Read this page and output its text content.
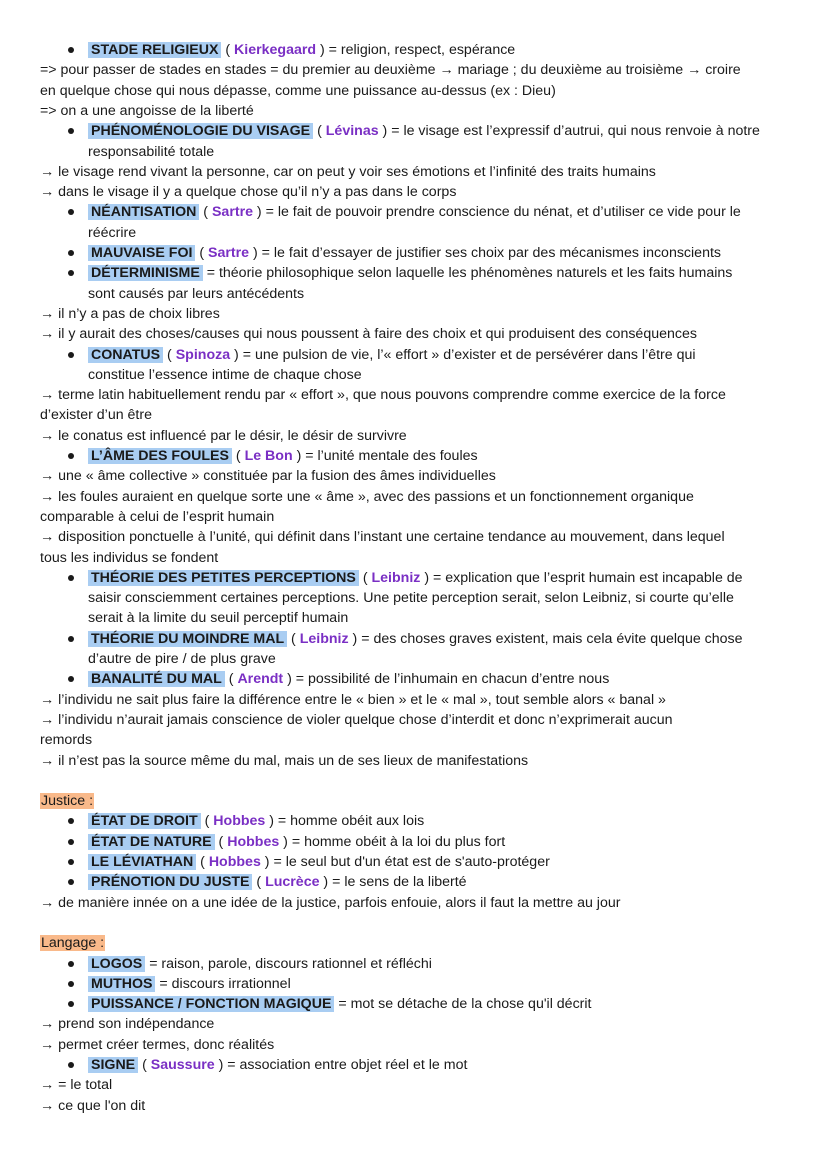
STADE RELIGIEUX ( Kierkegaard ) = religion, respect, espérance
=> pour passer de stades en stades = du premier au deuxième → mariage ; du deuxième au troisième → croire
en quelque chose qui nous dépasse, comme une puissance au-dessus (ex : Dieu)
=> on a une angoisse de la liberté
PHÉNOMÉNOLOGIE DU VISAGE ( Lévinas ) = le visage est l’expressif d’autrui, qui nous renvoie à notre
responsabilité totale
→ le visage rend vivant la personne, car on peut y voir ses émotions et l’infinité des traits humains
→ dans le visage il y a quelque chose qu’il n’y a pas dans le corps
NÉANTISATION ( Sartre ) = le fait de pouvoir prendre conscience du nénat, et d’utiliser ce vide pour le
réécrire
MAUVAISE FOI ( Sartre ) = le fait d’essayer de justifier ses choix par des mécanismes inconscients
DÉTERMINISME = théorie philosophique selon laquelle les phénomènes naturels et les faits humains
sont causés par leurs antécédents
→ il n’y a pas de choix libres
→ il y aurait des choses/causes qui nous poussent à faire des choix et qui produisent des conséquences
CONATUS ( Spinoza ) = une pulsion de vie, l’« effort » d’exister et de persévérer dans l’être qui
constitue l’essence intime de chaque chose
→ terme latin habituellement rendu par « effort », que nous pouvons comprendre comme exercice de la force
d’exister d’un être
→ le conatus est influencé par le désir, le désir de survivre
L’ÂME DES FOULES ( Le Bon ) = l’unité mentale des foules
→ une « âme collective » constituée par la fusion des âmes individuelles
→ les foules auraient en quelque sorte une « âme », avec des passions et un fonctionnement organique
comparable à celui de l’esprit humain
→ disposition ponctuelle à l’unité, qui définit dans l’instant une certaine tendance au mouvement, dans lequel
tous les individus se fondent
THÉORIE DES PETITES PERCEPTIONS ( Leibniz ) = explication que l’esprit humain est incapable de
saisir consciemment certaines perceptions. Une petite perception serait, selon Leibniz, si courte qu’elle
serait à la limite du seuil perceptif humain
THÉORIE DU MOINDRE MAL ( Leibniz ) = des choses graves existent, mais cela évite quelque chose
d’autre de pire / de plus grave
BANALITÉ DU MAL ( Arendt ) = possibilité de l’inhumain en chacun d’entre nous
→ l’individu ne sait plus faire la différence entre le « bien » et le « mal », tout semble alors « banal »
→ l’individu n’aurait jamais conscience de violer quelque chose d’interdit et donc n’exprimerait aucun
remords
→ il n’est pas la source même du mal, mais un de ses lieux de manifestations
Justice :
ÉTAT DE DROIT ( Hobbes ) = homme obéit aux lois
ÉTAT DE NATURE ( Hobbes ) = homme obéit à la loi du plus fort
LE LÉVIATHAN ( Hobbes ) = le seul but d'un état est de s'auto-protéger
PRÉNOTION DU JUSTE ( Lucrèce ) = le sens de la liberté
→ de manière innée on a une idée de la justice, parfois enfouie, alors il faut la mettre au jour
Langage :
LOGOS = raison, parole, discours rationnel et réfléchi
MUTHOS = discours irrationnel
PUISSANCE / FONCTION MAGIQUE = mot se détache de la chose qu'il décrit
→ prend son indépendance
→ permet créer termes, donc réalités
SIGNE ( Saussure ) = association entre objet réel et le mot
→ = le total
→ ce que l'on dit
